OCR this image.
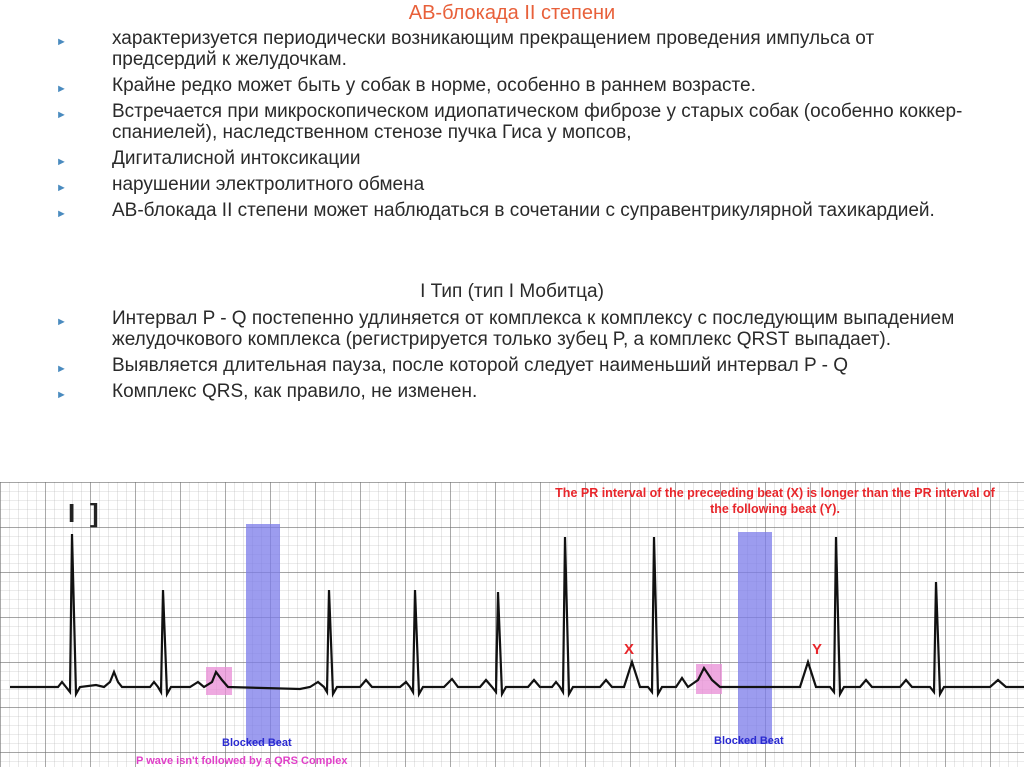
АВ-блокада II степени
► характеризуется периодически возникающим прекращением проведения импульса от предсердий к желудочкам.
► Крайне редко может быть у собак в норме, особенно в раннем возрасте.
► Встречается при микроскопическом идиопатическом фиброзе у старых собак (особенно коккер-спаниелей), наследственном стенозе пучка Гиса у мопсов,
► Дигиталисной интоксикации
► нарушении электролитного обмена
► АВ-блокада II степени может наблюдаться в сочетании с суправентрикулярной тахикардией.
I Тип (тип I Мобитца)
► Интервал P - Q постепенно удлиняется от комплекса к комплексу с последующим выпадением желудочкового комплекса (регистрируется только зубец P, а комплекс QRST выпадает).
► Выявляется длительная пауза, после которой следует наименьший интервал P - Q
► Комплекс QRS, как правило, не изменен.
I ]
The PR interval of the preceeding beat (X) is longer than the PR interval of the following beat (Y).
X	Y
Blocked Beat	Blocked Beat
P wave isn't followed by a QRS Complex
